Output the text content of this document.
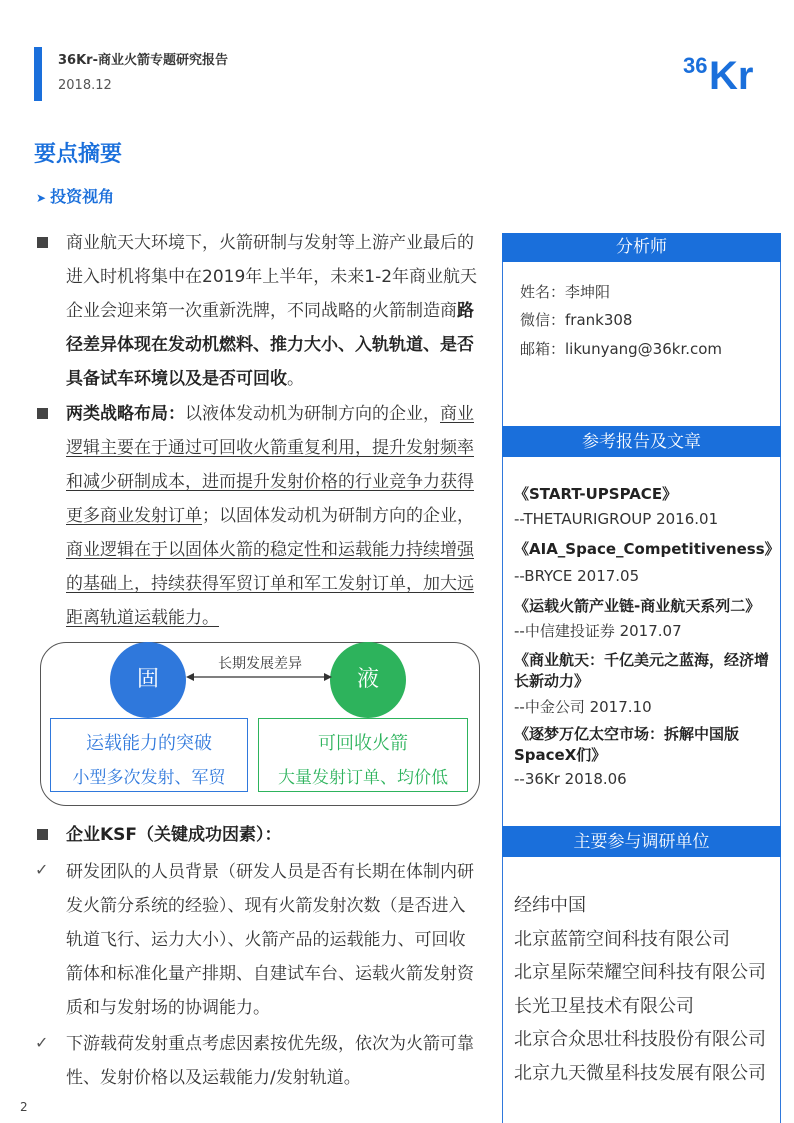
36Kr-商业火箭专题研究报告
2018.12
36 Kr
要点摘要
➤ 投资视角
商业航天大环境下，火箭研制与发射等上游产业最后的进入时机将集中在2019年上半年，未来1-2年商业航天企业会迎来第一次重新洗牌，不同战略的火箭制造商路径差异体现在发动机燃料、推力大小、入轨轨道、是否具备试车环境以及是否可回收。
两类战略布局：以液体发动机为研制方向的企业，商业逻辑主要在于通过可回收火箭重复利用，提升发射频率和减少研制成本，进而提升发射价格的行业竞争力获得更多商业发射订单；以固体发动机为研制方向的企业，商业逻辑在于以固体火箭的稳定性和运载能力持续增强的基础上，持续获得军贸订单和军工发射订单，加大远距离轨道运载能力。
固	液
长期发展差异
运载能力的突破
小型多次发射、军贸
可回收火箭
大量发射订单、均价低
企业KSF（关键成功因素）：
✓ 研发团队的人员背景（研发人员是否有长期在体制内研发火箭分系统的经验）、现有火箭发射次数（是否进入轨道飞行、运力大小）、火箭产品的运载能力、可回收箭体和标准化量产排期、自建试车台、运载火箭发射资质和与发射场的协调能力。
✓ 下游载荷发射重点考虑因素按优先级，依次为火箭可靠性、发射价格以及运载能力/发射轨道。
分析师
姓名：李坤阳
微信：frank308
邮箱：likunyang@36kr.com
参考报告及文章
《START-UPSPACE》
--THETAURIGROUP 2016.01
《AIA_Space_Competitiveness》
--BRYCE 2017.05
《运载火箭产业链-商业航天系列二》
--中信建投证券 2017.07
《商业航天：千亿美元之蓝海，经济增长新动力》
--中金公司 2017.10
《逐梦万亿太空市场：拆解中国版SpaceX们》
--36Kr 2018.06
主要参与调研单位
经纬中国
北京蓝箭空间科技有限公司
北京星际荣耀空间科技有限公司
长光卫星技术有限公司
北京合众思壮科技股份有限公司
北京九天微星科技发展有限公司
2
